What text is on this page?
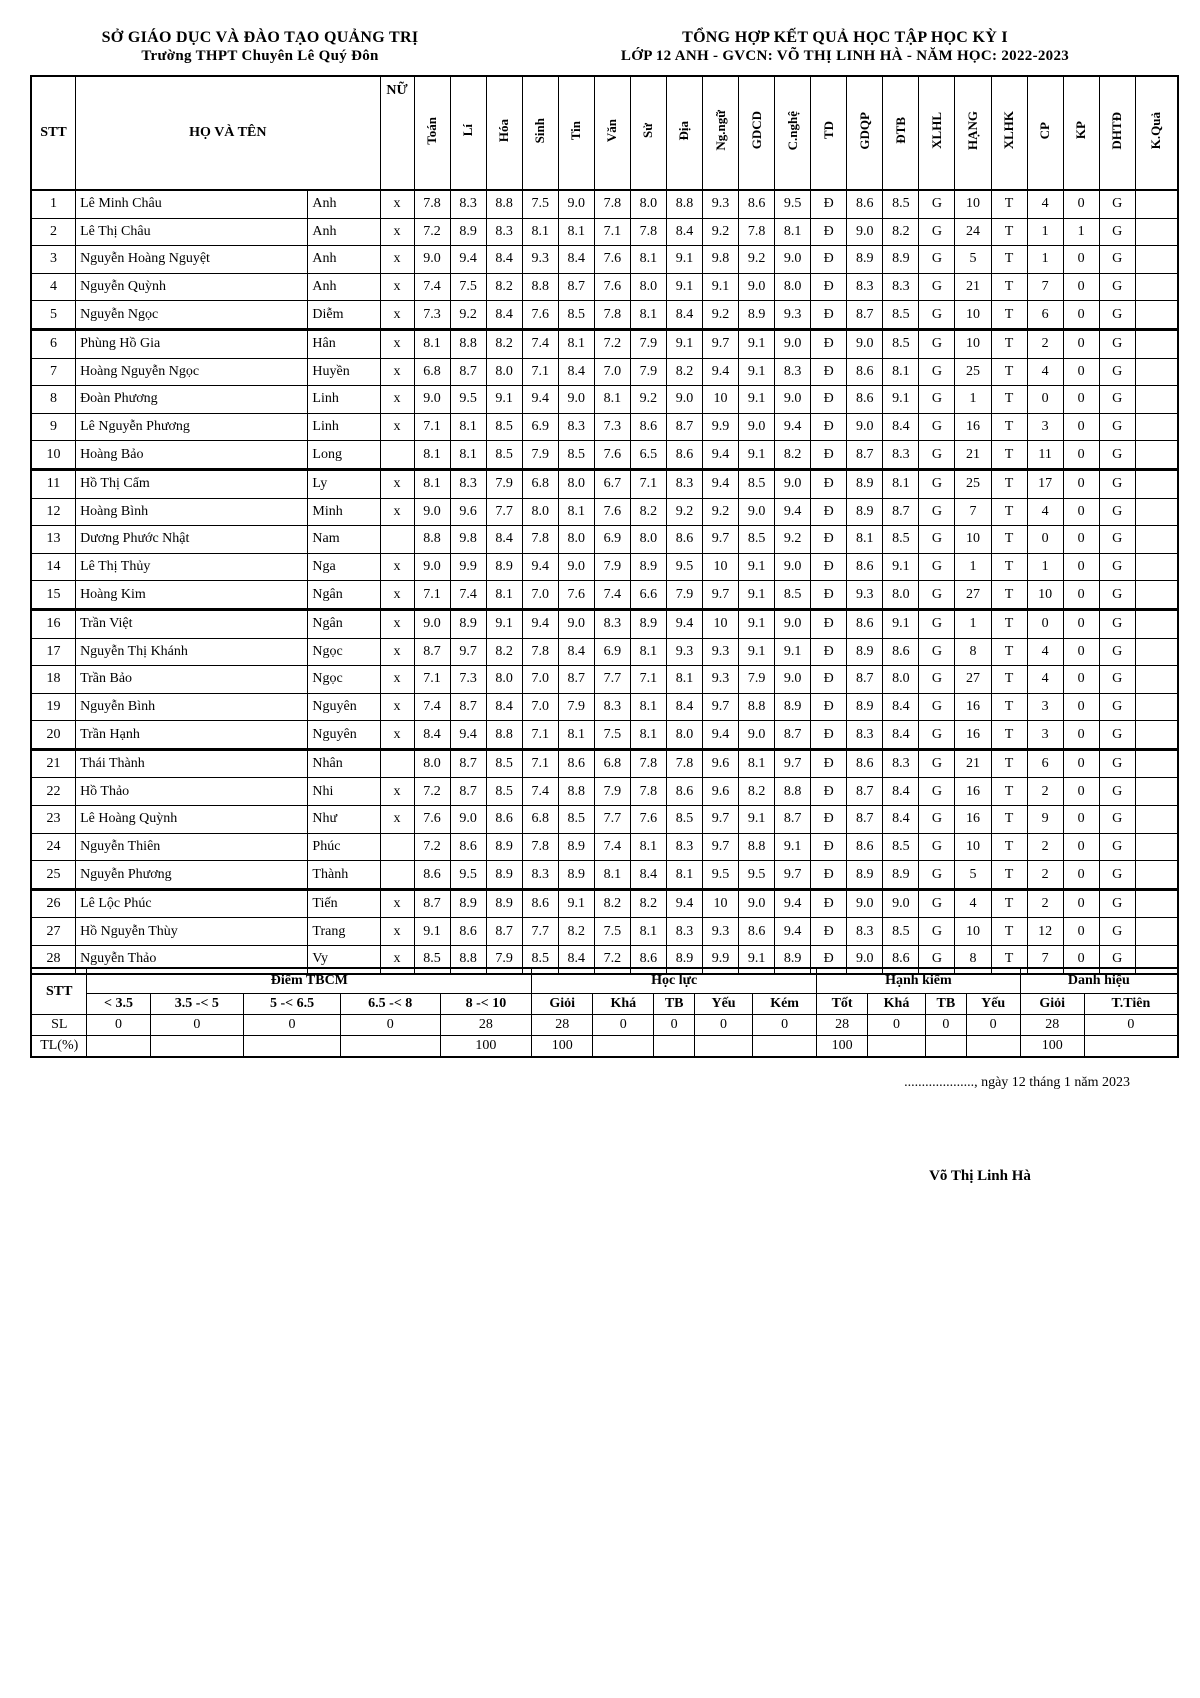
SỞ GIÁO DỤC VÀ ĐÀO TẠO QUẢNG TRỊ
Trường THPT Chuyên Lê Quý Đôn
TỔNG HỢP KẾT QUẢ HỌC TẬP HỌC KỲ I
LỚP 12 ANH - GVCN: VÕ THỊ LINH HÀ - NĂM HỌC: 2022-2023
STT	HỌ VÀ TÊN		NỮ	Toán	Lí	Hóa	Sinh	Tin	Văn	Sử	Địa	Ng.ngữ	GDCD	C.nghệ	TD	GDQP	ĐTB	XLHL	HẠNG	XLHK	CP	KP	DHTĐ	K.Quả
1	Lê Minh Châu	Anh	x	7.8	8.3	8.8	7.5	9.0	7.8	8.0	8.8	9.3	8.6	9.5	Đ	8.6	8.5	G	10	T	4	0	G	
2	Lê Thị Châu	Anh	x	7.2	8.9	8.3	8.1	8.1	7.1	7.8	8.4	9.2	7.8	8.1	Đ	9.0	8.2	G	24	T	1	1	G	
3	Nguyễn Hoàng Nguyệt	Anh	x	9.0	9.4	8.4	9.3	8.4	7.6	8.1	9.1	9.8	9.2	9.0	Đ	8.9	8.9	G	5	T	1	0	G	
4	Nguyễn Quỳnh	Anh	x	7.4	7.5	8.2	8.8	8.7	7.6	8.0	9.1	9.1	9.0	8.0	Đ	8.3	8.3	G	21	T	7	0	G	
5	Nguyễn Ngọc	Diễm	x	7.3	9.2	8.4	7.6	8.5	7.8	8.1	8.4	9.2	8.9	9.3	Đ	8.7	8.5	G	10	T	6	0	G	
6	Phùng Hồ Gia	Hân	x	8.1	8.8	8.2	7.4	8.1	7.2	7.9	9.1	9.7	9.1	9.0	Đ	9.0	8.5	G	10	T	2	0	G	
7	Hoàng Nguyễn Ngọc	Huyền	x	6.8	8.7	8.0	7.1	8.4	7.0	7.9	8.2	9.4	9.1	8.3	Đ	8.6	8.1	G	25	T	4	0	G	
8	Đoàn Phương	Linh	x	9.0	9.5	9.1	9.4	9.0	8.1	9.2	9.0	10	9.1	9.0	Đ	8.6	9.1	G	1	T	0	0	G	
9	Lê Nguyễn Phương	Linh	x	7.1	8.1	8.5	6.9	8.3	7.3	8.6	8.7	9.9	9.0	9.4	Đ	9.0	8.4	G	16	T	3	0	G	
10	Hoàng Bảo	Long		8.1	8.1	8.5	7.9	8.5	7.6	6.5	8.6	9.4	9.1	8.2	Đ	8.7	8.3	G	21	T	11	0	G	
11	Hồ Thị Cẩm	Ly	x	8.1	8.3	7.9	6.8	8.0	6.7	7.1	8.3	9.4	8.5	9.0	Đ	8.9	8.1	G	25	T	17	0	G	
12	Hoàng Bình	Minh	x	9.0	9.6	7.7	8.0	8.1	7.6	8.2	9.2	9.2	9.0	9.4	Đ	8.9	8.7	G	7	T	4	0	G	
13	Dương Phước Nhật	Nam		8.8	9.8	8.4	7.8	8.0	6.9	8.0	8.6	9.7	8.5	9.2	Đ	8.1	8.5	G	10	T	0	0	G	
14	Lê Thị Thủy	Nga	x	9.0	9.9	8.9	9.4	9.0	7.9	8.9	9.5	10	9.1	9.0	Đ	8.6	9.1	G	1	T	1	0	G	
15	Hoàng Kim	Ngân	x	7.1	7.4	8.1	7.0	7.6	7.4	6.6	7.9	9.7	9.1	8.5	Đ	9.3	8.0	G	27	T	10	0	G	
16	Trần Việt	Ngân	x	9.0	8.9	9.1	9.4	9.0	8.3	8.9	9.4	10	9.1	9.0	Đ	8.6	9.1	G	1	T	0	0	G	
17	Nguyễn Thị Khánh	Ngọc	x	8.7	9.7	8.2	7.8	8.4	6.9	8.1	9.3	9.3	9.1	9.1	Đ	8.9	8.6	G	8	T	4	0	G	
18	Trần Bảo	Ngọc	x	7.1	7.3	8.0	7.0	8.7	7.7	7.1	8.1	9.3	7.9	9.0	Đ	8.7	8.0	G	27	T	4	0	G	
19	Nguyễn Bình	Nguyên	x	7.4	8.7	8.4	7.0	7.9	8.3	8.1	8.4	9.7	8.8	8.9	Đ	8.9	8.4	G	16	T	3	0	G	
20	Trần Hạnh	Nguyên	x	8.4	9.4	8.8	7.1	8.1	7.5	8.1	8.0	9.4	9.0	8.7	Đ	8.3	8.4	G	16	T	3	0	G	
21	Thái Thành	Nhân		8.0	8.7	8.5	7.1	8.6	6.8	7.8	7.8	9.6	8.1	9.7	Đ	8.6	8.3	G	21	T	6	0	G	
22	Hồ Thảo	Nhi	x	7.2	8.7	8.5	7.4	8.8	7.9	7.8	8.6	9.6	8.2	8.8	Đ	8.7	8.4	G	16	T	2	0	G	
23	Lê Hoàng Quỳnh	Như	x	7.6	9.0	8.6	6.8	8.5	7.7	7.6	8.5	9.7	9.1	8.7	Đ	8.7	8.4	G	16	T	9	0	G	
24	Nguyễn Thiên	Phúc		7.2	8.6	8.9	7.8	8.9	7.4	8.1	8.3	9.7	8.8	9.1	Đ	8.6	8.5	G	10	T	2	0	G	
25	Nguyễn Phương	Thành		8.6	9.5	8.9	8.3	8.9	8.1	8.4	8.1	9.5	9.5	9.7	Đ	8.9	8.9	G	5	T	2	0	G	
26	Lê Lộc Phúc	Tiến	x	8.7	8.9	8.9	8.6	9.1	8.2	8.2	9.4	10	9.0	9.4	Đ	9.0	9.0	G	4	T	2	0	G	
27	Hồ Nguyễn Thùy	Trang	x	9.1	8.6	8.7	7.7	8.2	7.5	8.1	8.3	9.3	8.6	9.4	Đ	8.3	8.5	G	10	T	12	0	G	
28	Nguyễn Thảo	Vy	x	8.5	8.8	7.9	8.5	8.4	7.2	8.6	8.9	9.9	9.1	8.9	Đ	9.0	8.6	G	8	T	7	0	G	
STT	Điểm TBCM					Học lực					Hạnh kiểm				Danh hiệu	
	< 3.5	3.5 -< 5	5 -< 6.5	6.5 -< 8	8 -< 10	Giỏi	Khá	TB	Yếu	Kém	Tốt	Khá	TB	Yếu	Giỏi	T.Tiên
SL	0	0	0	0	28	28	0	0	0	0	28	0	0	0	28	0
TL(%)					100	100					100				100	
...................., ngày 12 tháng 1 năm 2023
Võ Thị Linh Hà
